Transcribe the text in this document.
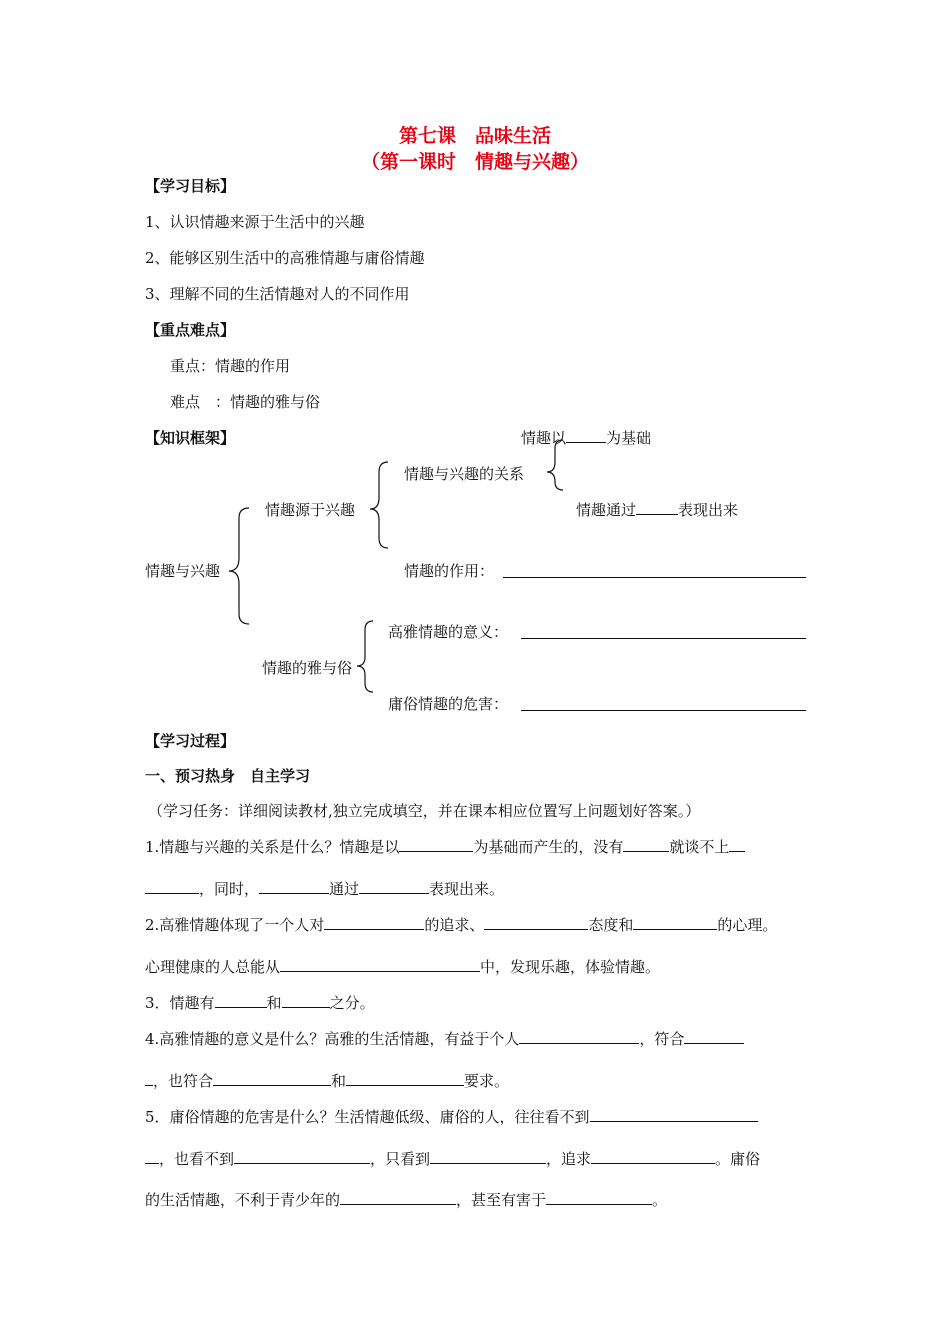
第七课　品味生活
（第一课时　情趣与兴趣）
【学习目标】
1、认识情趣来源于生活中的兴趣
2、能够区别生活中的高雅情趣与庸俗情趣
3、理解不同的生活情趣对人的不同作用
【重点难点】
重点：情趣的作用
难点　：情趣的雅与俗
【知识框架】	情趣以	为基础
情趣与兴趣的关系
情趣源于兴趣	情趣通过	表现出来
情趣与兴趣	情趣的作用：
高雅情趣的意义：
情趣的雅与俗
庸俗情趣的危害：
【学习过程】
一、预习热身　自主学习
（学习任务：详细阅读教材,独立完成填空，并在课本相应位置写上问题划好答案。）
1.情趣与兴趣的关系是什么？情趣是以	为基础而产生的，没有	就谈不上
，同时，	通过	表现出来。
2.高雅情趣体现了一个人对	的追求、	态度和	的心理。
心理健康的人总能从	中，发现乐趣，体验情趣。
3．情趣有	和	之分。
4.高雅情趣的意义是什么？高雅的生活情趣，有益于个人	，符合
，也符合	和	要求。
5．庸俗情趣的危害是什么？生活情趣低级、庸俗的人，往往看不到
，也看不到	，只看到	，追求	。庸俗
的生活情趣，不利于青少年的	，甚至有害于	。
